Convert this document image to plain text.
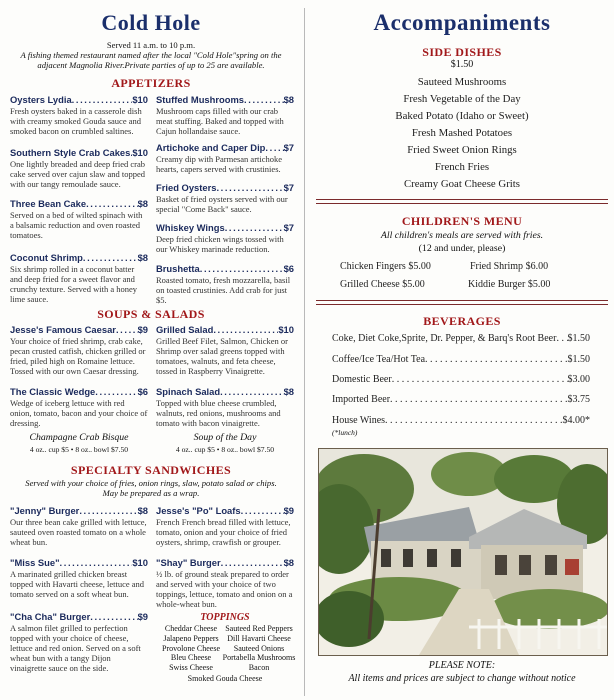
Cold Hole
Served 11 a.m. to 10 p.m.
A fishing themed restaurant named after the local "Cold Hole"spring on the adjacent Magnolia River.Private parties of up to 25 are available.
APPETIZERS
Oysters Lydia . . .	$10
Fresh oysters baked in a casserole dish with creamy smoked Gouda sauce and smoked bacon on crumbled saltines.
Southern Style Crab Cakes . . . $10
One lightly breaded and deep fried crab cake served over cajun slaw and topped with our tangy remoulade sauce.
Three Bean Cake . . .	$8
Served on a bed of wilted spinach with a balsamic reduction and oven roasted tomatoes.
Coconut Shrimp . . .	$8
Six shrimp rolled in a coconut batter and deep fried for a sweet flavor and crunchy texture. Served with a honey lime sauce.
Stuffed Mushrooms . . .	$8
Mushroom caps filled with our crab meat stuffing. Baked and topped with Cajun hollandaise sauce.
Artichoke and Caper Dip . . . $7
Creamy dip with Parmesan artichoke hearts, capers served with crustinies.
Fried Oysters . . .	$7
Basket of fried oysters served with our special "Come Back" sauce.
Whiskey Wings . . .	$7
Deep fried chicken wings tossed with our Whiskey marinade reduction.
Brushetta . . .	$6
Roasted tomato, fresh mozzarella, basil on toasted crustinies. Add crab for just $5.
SOUPS & SALADS
Jesse's Famous Caesar . . . $9
Your choice of fried shrimp, crab cake, pecan crusted catfish, chicken grilled or fried, piled high on Romaine lettuce. Tossed with our own Caesar dressing.
The Classic Wedge . . .	$6
Wedge of iceberg lettuce with red onion, tomato, bacon and your choice of dressing.
Grilled Salad . . .	$10
Grilled Beef Filet, Salmon, Chicken or Shrimp over salad greens topped with tomatoes, walnuts, and feta cheese, tossed in Raspberry Vinaigrette.
Spinach Salad . . .	$8
Topped with blue cheese crumbled, walnuts, red onions, mushrooms and tomato with bacon vinaigrette.
Champagne Crab Bisque
4 oz.. cup $5 • 8 oz.. bowl $7.50
Soup of the Day
4 oz.. cup $5 • 8 oz.. bowl $7.50
SPECIALTY SANDWICHES
Served with your choice of fries, onion rings, slaw, potato salad or chips.
May be prepared as a wrap.
"Jenny" Burger . . .	$8
Our three bean cake grilled with lettuce, sauteed oven roasted tomato on a whole wheat bun.
"Miss Sue" . . .	$10
A marinated grilled chicken breast topped with Havarti cheese, lettuce and tomato served on a soft wheat bun.
"Cha Cha" Burger . . .	$9
A salmon filet grilled to perfection topped with your choice of cheese, lettuce and red onion. Served on a soft wheat bun with a tangy Dijon vinaigrette sauce on the side.
Jesse's "Po" Loafs . . .	$9
French French bread filled with lettuce, tomato, onion and your choice of fried oysters, shrimp, crawfish or grouper.
"Shay" Burger . . .	$8
½ lb. of ground steak prepared to order and served with your choice of two toppings, lettuce, tomato and onion on a whole-wheat bun.
TOPPINGS
Cheddar Cheese
Jalapeno Peppers
Provolone Cheese
Bleu Cheese
Swiss Cheese
Sauteed Red Peppers
Dill Havarti Cheese
Sauteed Onions
Portabella Mushrooms
Bacon
Smoked Gouda Cheese
Accompaniments
SIDE DISHES
$1.50
Sauteed Mushrooms
Fresh Vegetable of the Day
Baked Potato (Idaho or Sweet)
Fresh Mashed Potatoes
Fried Sweet Onion Rings
French Fries
Creamy Goat Cheese Grits
CHILDREN'S MENU
All children's meals are served with fries.
(12 and under, please)
Chicken Fingers $5.00	Fried Shrimp $6.00
Grilled Cheese $5.00	Kiddie Burger $5.00
BEVERAGES
Coke, Diet Coke,Sprite, Dr. Pepper, & Barq's Root Beer . . . $1.50
Coffee/Ice Tea/Hot Tea . . .	$1.50
Domestic Beer . . .	$3.00
Imported Beer . . .	$3.75
House Wines . . .	$4.00*
(*lunch)
PLEASE NOTE:
All items and prices are subject to change without notice
